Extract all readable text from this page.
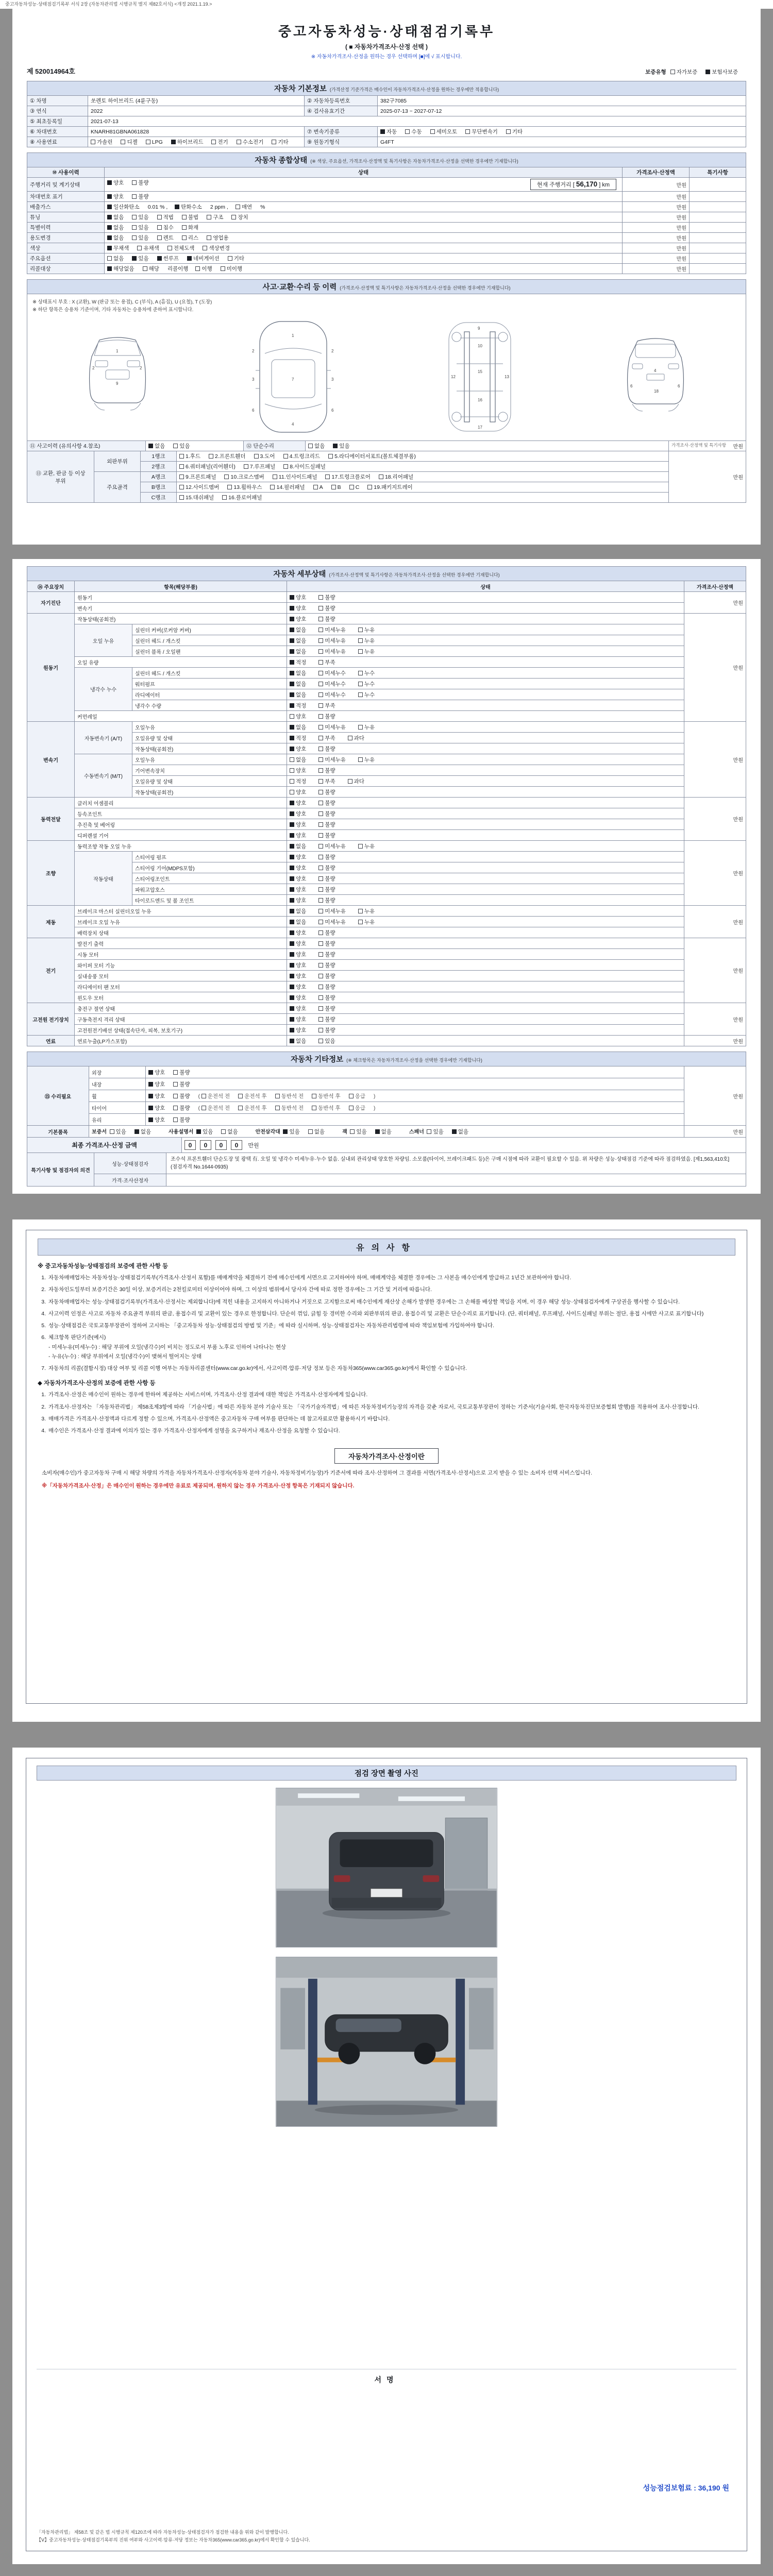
중고자동차성능·상태점검기록부 서식 2장 (자동차관리법 시행규칙 별지 제82호서식) <개정 2021.1.19.>
중고자동차성능·상태점검기록부
( ■ 자동차가격조사·산정 선택 )
※ 자동차가격조사·산정을 원하는 경우 선택하며 [■]에 √ 표시합니다.
제 520014964호	보증유형 자가보증	보험사보증
자동차 기본정보 (가격산정 기준가격은 매수인이 자동차가격조사·산정을 원하는 경우에만 적용합니다)
① 차명	쏘렌토 하이브리드 (4륜구동)	② 자동차등록번호	382구7085
③ 연식	2022	④ 검사유효기간	2025-07-13 ~ 2027-07-12
⑤ 최초등록일	2021-07-13		
⑥ 차대번호	KNARH81GBNA061828	⑦ 변속기종류	자동 수동 세미오토 무단변속기 기타
⑧ 사용연료	가솔린 디젤 LPG 하이브리드 전기 수소전기 기타	⑨ 원동기형식	G4FT
자동차 종합상태 (※ 색상, 주요옵션, 가격조사·산정액 및 특기사항은 자동차가격조사·산정을 선택한 경우에만 기재합니다)
⑩ 사용이력	상태	가격조사·산정액	특기사항
주행거리 및 계기상태	양호 불량 현재 주행거리 [ 56,170 ] km	만원	
차대번호 표기	양호 불량	만원	
배출가스	일산화탄소 0.01 % , 탄화수소 2 ppm , 매연 %	만원	
튜닝	없음 있음 적법 불법 구조 장치	만원	
특별이력	없음 있음 침수 화재	만원	
용도변경	없음 있음 렌트 리스 영업용	만원	
색상	무채색 유채색 전체도색 색상변경	만원	
주요옵션	없음 있음 썬루프 네비게이션 기타	만원	
리콜대상	해당없음 해당 리콜이행 이행 미이행	만원	
사고·교환·수리 등 이력 (가격조사·산정액 및 특기사항은 자동차가격조사·산정을 선택한 경우에만 기재합니다)
※ 상태표시 부호 : X (교환), W (판금 또는 용접), C (부식), A (흠집), U (요철), T (도장)
※ 하단 항목은 승용차 기준이며, 기타 자동차는 승용차에 준하여 표시합니다.
1
2	2
9
1
7
4
2	2
3	3
6	6
9
10
12	13
15
16
17
4
6	6
18
⑪ 사고이력 (유의사항 4.참조)	없음	있음	⑫ 단순수리	없음	있음	가격조사·산정액 및 특기사항 만원
⑬ 교환, 판금 등 이상 부위	외판부위	1랭크	1.후드 2.프론트휀더 3.도어 4.트렁크리드 5.라디에이터서포트(볼트체결부품)	만원
		2랭크	6.쿼터패널(리어휀더) 7.루프패널 8.사이드실패널	
	주요골격	A랭크	9.프론트패널 10.크로스멤버 11.인사이드패널 17.트렁크플로어 18.리어패널	
		B랭크	12.사이드멤버 13.휠하우스 14.필러패널 A B C 19.패키지트레이	
		C랭크	15.대쉬패널 16.플로어패널	
자동차 세부상태 (가격조사·산정액 및 특기사항은 자동차가격조사·산정을 선택한 경우에만 기재합니다)
⑭ 주요장치	항목(해당부품)		상태	가격조사·산정액
자기진단	원동기		양호 불량	만원
	변속기		양호 불량	
원동기	작동상태(공회전)		양호 불량	만원
	오일 누유	실린더 커버(로커암 커버)	없음 미세누유 누유	
		실린더 헤드 / 개스킷	없음 미세누유 누유	
		실린더 블록 / 오일팬	없음 미세누유 누유	
	오일 유량		적정 부족	
	냉각수 누수	실린더 헤드 / 개스킷	없음 미세누수 누수	
		워터펌프	없음 미세누수 누수	
		라디에이터	없음 미세누수 누수	
		냉각수 수량	적정 부족	
	커먼레일		양호 불량	
변속기	자동변속기 (A/T)	오일누유	없음 미세누유 누유	만원
		오일유량 및 상태	적정 부족 과다	
		작동상태(공회전)	양호 불량	
	수동변속기 (M/T)	오일누유	없음 미세누유 누유	
		기어변속장치	양호 불량	
		오일유량 및 상태	적정 부족 과다	
		작동상태(공회전)	양호 불량	
동력전달	클러치 어셈블리		양호 불량	만원
	등속조인트		양호 불량	
	추진축 및 베어링		양호 불량	
	디퍼렌셜 기어		양호 불량	
조향	동력조향 작동 오일 누유		없음 미세누유 누유	만원
	작동상태	스티어링 펌프	양호 불량	
		스티어링 기어(MDPS포함)	양호 불량	
		스티어링조인트	양호 불량	
		파워고압호스	양호 불량	
		타이로드엔드 및 볼 조인트	양호 불량	
제동	브레이크 마스터 실린더오일 누유		없음 미세누유 누유	만원
	브레이크 오일 누유		없음 미세누유 누유	
	배력장치 상태		양호 불량	
전기	발전기 출력		양호 불량	만원
	시동 모터		양호 불량	
	와이퍼 모터 기능		양호 불량	
	실내송풍 모터		양호 불량	
	라디에이터 팬 모터		양호 불량	
	윈도우 모터		양호 불량	
고전원 전기장치	충전구 절연 상태		양호 불량	만원
	구동축전지 격리 상태		양호 불량	
	고전원전기배선 상태(접속단자, 피복, 보호기구)		양호 불량	
연료	연료누출(LP가스포함)		없음 있음	만원
자동차 기타정보 (※ 체크항목은 자동차가격조사·산정을 선택한 경우에만 기재합니다)
⑮ 수리필요	외장	양호 불량	만원
	내장	양호 불량	
	휠	양호 불량 ( 운전석 전 운전석 후 동반석 전 동반석 후 응급 )	
	타이어	양호 불량 ( 운전석 전 운전석 후 동반석 전 동반석 후 응급 )	
	유리	양호 불량	
기본품목	보증서 있음 없음 사용설명서 있음 없음 안전삼각대 있음 없음 잭 있음 없음 스패너 있음 없음		만원
최종 가격조사·산정 금액	0 0 0 0 만원
특기사항 및 점검자의 의견	성능·상태점검자	조수석 프론트휀더 단순도장 및 광택 有. 오일 및 냉각수 미세누유·누수 없음. 실내외 관리상태 양호한 차량임. 소모품(타이어, 브레이크패드 등)은 구매 시점에 따라 교환이 필요할 수 있음. 위 차량은 성능·상태점검 기준에 따라 점검하였음. [제1,563,410호] (점검자격 No.1644-0935)
	가격·조사산정자	
유의사항
※ 중고자동차성능·상태점검의 보증에 관한 사항 등
1. 자동차매매업자는 자동차성능·상태점검기록부(가격조사·산정서 포함)를 매매계약을 체결하기 전에 매수인에게 서면으로 고지하여야 하며, 매매계약을 체결한 경우에는 그 사본을 매수인에게 발급하고 1년간 보관하여야 합니다.
2. 자동차인도일부터 보증기간은 30일 이상, 보증거리는 2천킬로미터 이상이어야 하며, 그 이상의 범위에서 당사자 간에 따로 정한 경우에는 그 기간 및 거리에 따릅니다.
3. 자동차매매업자는 성능·상태점검기록부(가격조사·산정서는 제외합니다)에 적힌 내용을 고지하지 아니하거나 거짓으로 고지함으로써 매수인에게 재산상 손해가 발생한 경우에는 그 손해를 배상할 책임을 지며, 이 경우 해당 성능·상태점검자에게 구상권을 행사할 수 있습니다.
4. 사고이력 인정은 사고로 자동차 주요골격 부위의 판금, 용접수리 및 교환이 있는 경우로 한정합니다. 단순히 꺾임, 긁힘 등 경미한 수리와 외판부위의 판금, 용접수리 및 교환은 단순수리로 표기합니다. (단, 쿼터패널, 루프패널, 사이드실패널 부위는 절단, 용접 시에만 사고로 표기합니다)
5. 성능·상태점검은 국토교통부장관이 정하여 고시하는 「중고자동차 성능·상태점검의 방법 및 기준」에 따라 실시하며, 성능·상태점검자는 자동차관리법령에 따라 책임보험에 가입하여야 합니다.
6. 체크항목 판단기준(예시)
- 미세누유(미세누수) : 해당 부위에 오일(냉각수)이 비치는 정도로서 부품 노후로 인하여 나타나는 현상
- 누유(누수) : 해당 부위에서 오일(냉각수)이 맺혀서 떨어지는 상태
7. 자동차의 리콜(결함시정) 대상 여부 및 리콜 이행 여부는 자동차리콜센터(www.car.go.kr)에서, 사고이력·압류·저당 정보 등은 자동차365(www.car365.go.kr)에서 확인할 수 있습니다.
◆ 자동차가격조사·산정의 보증에 관한 사항 등
1. 가격조사·산정은 매수인이 원하는 경우에 한하여 제공하는 서비스이며, 가격조사·산정 결과에 대한 책임은 가격조사·산정자에게 있습니다.
2. 가격조사·산정자는 「자동차관리법」 제58조제3항에 따라 「기술사법」에 따른 자동차 분야 기술사 또는 「국가기술자격법」에 따른 자동차정비기능장의 자격을 갖춘 자로서, 국토교통부장관이 정하는 기준서(기술사회, 한국자동차진단보증협회 발행)를 적용하여 조사·산정합니다.
3. 매매가격은 가격조사·산정액과 다르게 정할 수 있으며, 가격조사·산정액은 중고자동차 구매 여부를 판단하는 데 참고자료로만 활용하시기 바랍니다.
4. 매수인은 가격조사·산정 결과에 이의가 있는 경우 가격조사·산정자에게 설명을 요구하거나 재조사·산정을 요청할 수 있습니다.
자동차가격조사·산정이란
소비자(매수인)가 중고자동차 구매 시 해당 차량의 가격을 자동차가격조사·산정자(자동차 분야 기술사, 자동차정비기능장)가 기준서에 따라 조사·산정하여 그 결과를 서면(가격조사·산정서)으로 고지 받을 수 있는 소비자 선택 서비스입니다.
※「자동차가격조사·산정」은 매수인이 원하는 경우에만 유료로 제공되며, 원하지 않는 경우 가격조사·산정 항목은 기재되지 않습니다.
점검 장면 촬영 사진
서명
성능점검보험료 : 36,190 원
「자동차관리법」 제58조 및 같은 법 시행규칙 제120조에 따라 자동차성능·상태점검자가 점검한 내용을 위와 같이 발행합니다.
【Ⅴ】중고자동차성능·상태점검기록부의 진위 여부와 사고이력·압류·저당 정보는 자동차365(www.car365.go.kr)에서 확인할 수 있습니다.
